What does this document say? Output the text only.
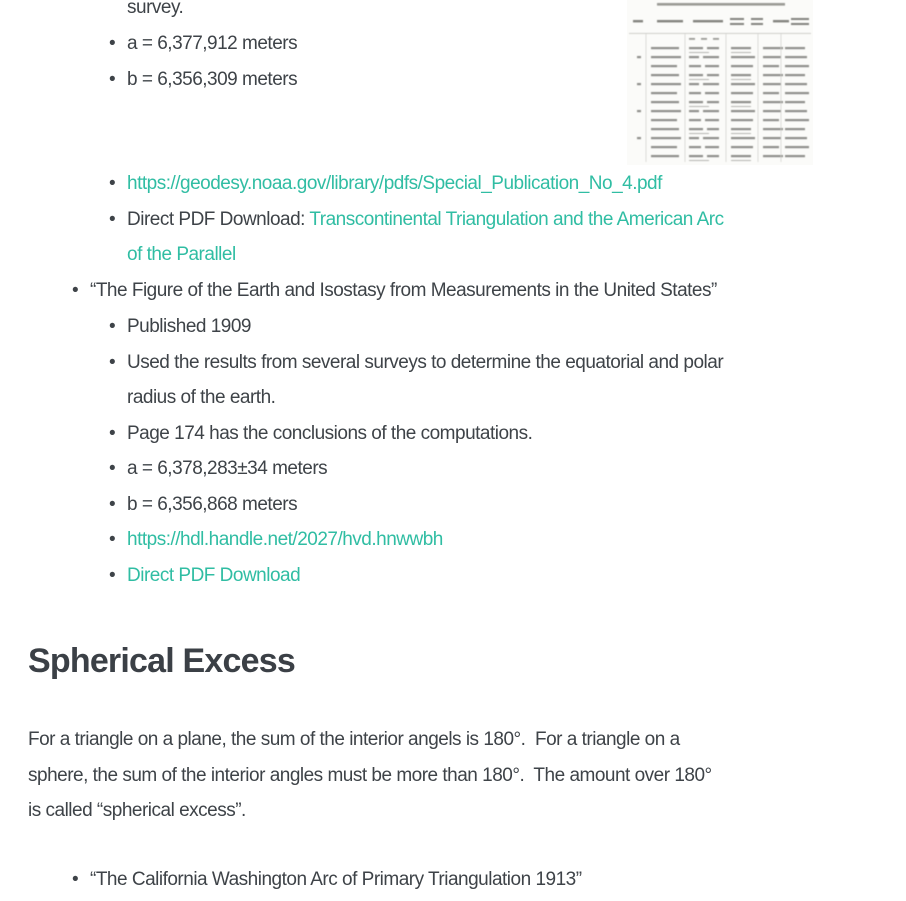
survey.
• a = 6,377,912 meters
• b = 6,356,309 meters
• https://geodesy.noaa.gov/library/pdfs/Special_Publication_No_4.pdf
• Direct PDF Download: Transcontinental Triangulation and the American Arc of the Parallel
• “The Figure of the Earth and Isostasy from Measurements in the United States”
• Published 1909
• Used the results from several surveys to determine the equatorial and polar radius of the earth.
• Page 174 has the conclusions of the computations.
• a = 6,378,283±34 meters
• b = 6,356,868 meters
• https://hdl.handle.net/2027/hvd.hnwwbh
• Direct PDF Download
Spherical Excess
For a triangle on a plane, the sum of the interior angels is 180°.  For a triangle on a
sphere, the sum of the interior angles must be more than 180°.  The amount over 180°
is called “spherical excess”.
• “The California Washington Arc of Primary Triangulation 1913”
